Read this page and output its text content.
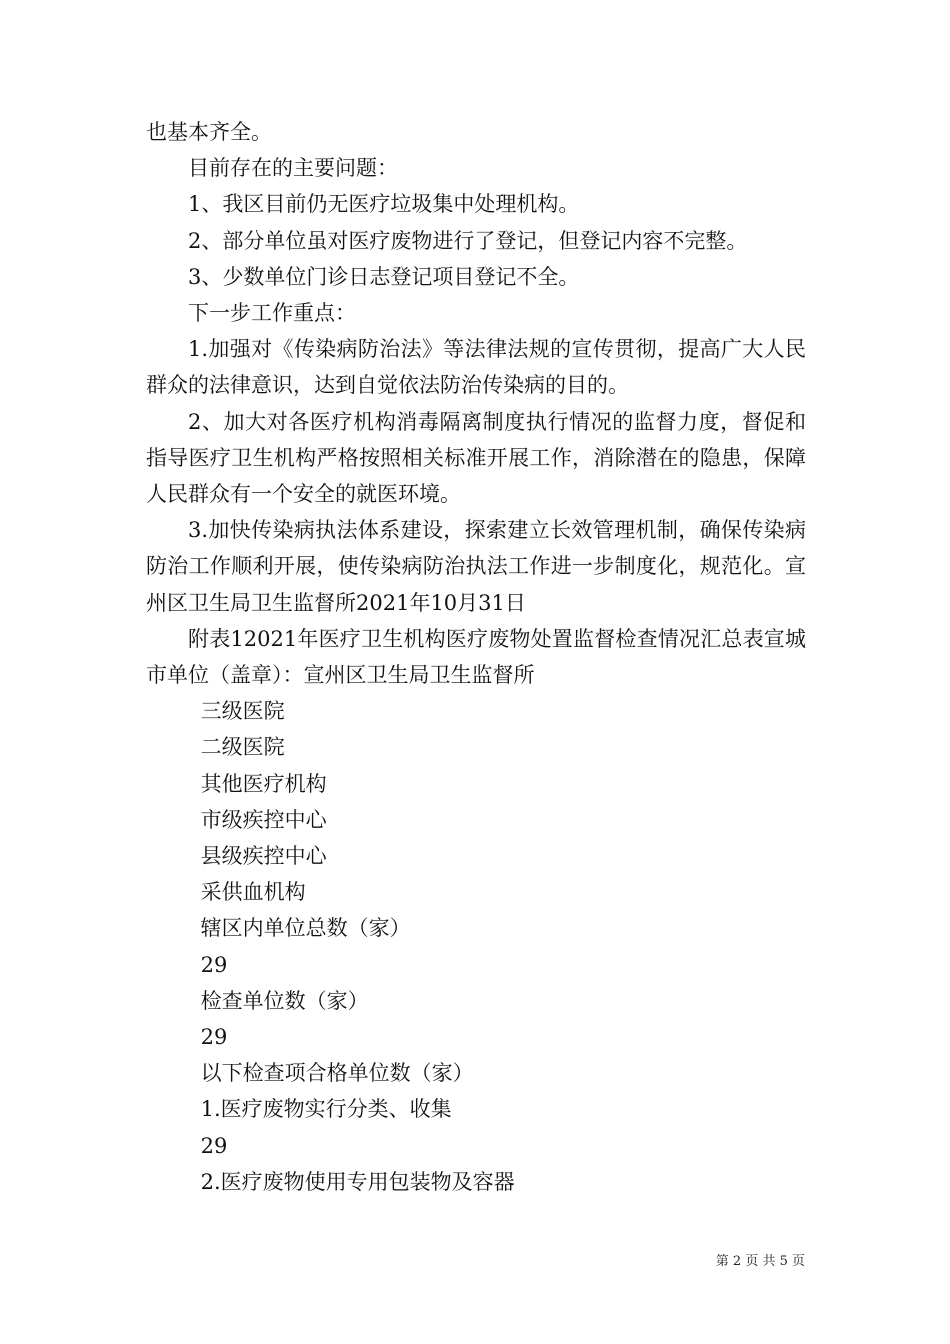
也基本齐全。

目前存在的主要问题：

1、我区目前仍无医疗垃圾集中处理机构。

2、部分单位虽对医疗废物进行了登记，但登记内容不完整。

3、少数单位门诊日志登记项目登记不全。

下一步工作重点：

1.加强对《传染病防治法》等法律法规的宣传贯彻，提高广大人民群众的法律意识，达到自觉依法防治传染病的目的。

2、加大对各医疗机构消毒隔离制度执行情况的监督力度，督促和指导医疗卫生机构严格按照相关标准开展工作，消除潜在的隐患，保障人民群众有一个安全的就医环境。

3.加快传染病执法体系建设，探索建立长效管理机制，确保传染病防治工作顺利开展，使传染病防治执法工作进一步制度化，规范化。宣州区卫生局卫生监督所2021年10月31日

附表12021年医疗卫生机构医疗废物处置监督检查情况汇总表宣城市单位（盖章）：宣州区卫生局卫生监督所

三级医院

二级医院

其他医疗机构

市级疾控中心

县级疾控中心

采供血机构

辖区内单位总数（家）

29

检查单位数（家）

29

以下检查项合格单位数（家）

1.医疗废物实行分类、收集

29

2.医疗废物使用专用包装物及容器

第 2 页 共 5 页
